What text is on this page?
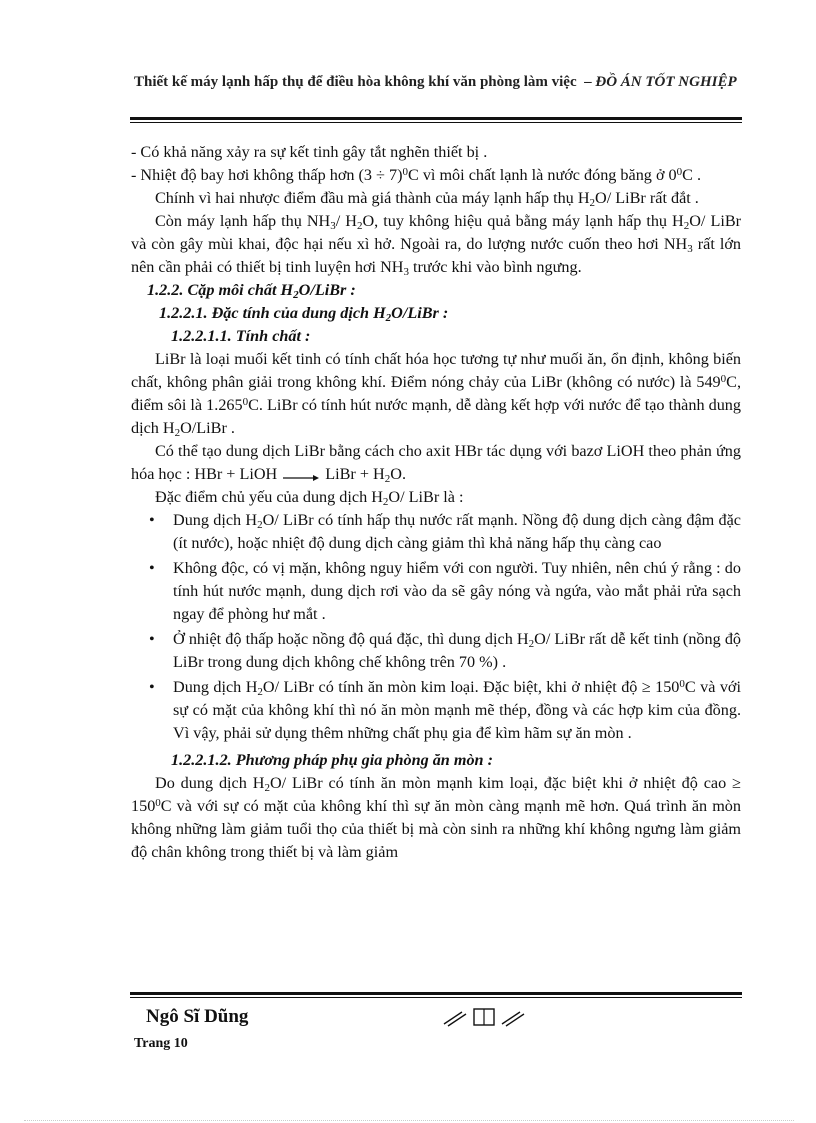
Thiết kế máy lạnh hấp thụ để điều hòa không khí văn phòng làm việc  – ĐỒ ÁN TỐT NGHIỆP

- Có khả năng xảy ra sự kết tinh gây tắt nghẽn thiết bị .

- Nhiệt độ bay hơi không thấp hơn $(3 \div 7)^0C$ vì môi chất lạnh là nước đóng băng ở $0^0C$ .

Chính vì hai nhược điểm đầu mà giá thành của máy lạnh hấp thụ $H_2O/$ LiBr rất đắt .

Còn máy lạnh hấp thụ $NH_3/$ $H_2O$, tuy không hiệu quả bằng máy lạnh hấp thụ $H_2O/$ LiBr và còn gây mùi khai, độc hại nếu xì hở. Ngoài ra, do lượng nước cuốn theo hơi $NH_3$ rất lớn nên cần phải có thiết bị tinh luyện hơi $NH_3$ trước khi vào bình ngưng.

1.2.2. Cặp môi chất $H_2O$/LiBr :

1.2.2.1. Đặc tính của dung dịch $H_2O$/LiBr :

1.2.2.1.1. Tính chất :

LiBr là loại muối kết tinh có tính chất hóa học tương tự như muối ăn, ổn định, không biến chất, không phân giải trong không khí. Điểm nóng chảy của LiBr (không có nước) là $549^0C$, điểm sôi là 1.265$^0$C. LiBr có tính hút nước mạnh, dễ dàng kết hợp với nước để tạo thành dung dịch $H_2O$/LiBr .

Có thể tạo dung dịch LiBr bằng cách cho axit HBr tác dụng với bazơ LiOH theo phản ứng hóa học : HBr + LiOH → LiBr + $H_2O$.

Đặc điểm chủ yếu của dung dịch $H_2O/$ LiBr là :

• Dung dịch $H_2O/$ LiBr có tính hấp thụ nước rất mạnh. Nồng độ dung dịch càng đậm đặc (ít nước), hoặc nhiệt độ dung dịch càng giảm thì khả năng hấp thụ càng cao
• Không độc, có vị mặn, không nguy hiểm với con người. Tuy nhiên, nên chú ý rằng : do tính hút nước mạnh, dung dịch rơi vào da sẽ gây nóng và ngứa, vào mắt phải rửa sạch ngay để phòng hư mắt .
• Ở nhiệt độ thấp hoặc nồng độ quá đặc, thì dung dịch $H_2O/$ LiBr rất dễ kết tinh (nồng độ LiBr trong dung dịch không chế không trên 70 %) .
• Dung dịch $H_2O/$ LiBr có tính ăn mòn kim loại. Đặc biệt, khi ở nhiệt độ ≥ $150^0C$ và với sự có mặt của không khí thì nó ăn mòn mạnh mẽ thép, đồng và các hợp kim của đồng. Vì vậy, phải sử dụng thêm những chất phụ gia để kìm hãm sự ăn mòn .

1.2.2.1.2. Phương pháp phụ gia phòng ăn mòn :

Do dung dịch $H_2O/$ LiBr có tính ăn mòn mạnh kim loại, đặc biệt khi ở nhiệt độ cao ≥ $150^0C$ và với sự có mặt của không khí thì sự ăn mòn càng mạnh mẽ hơn. Quá trình ăn mòn không những làm giảm tuổi thọ của thiết bị mà còn sinh ra những khí không ngưng làm giảm độ chân không trong thiết bị và làm giảm

Ngô Sĩ Dũng
Trang 10
